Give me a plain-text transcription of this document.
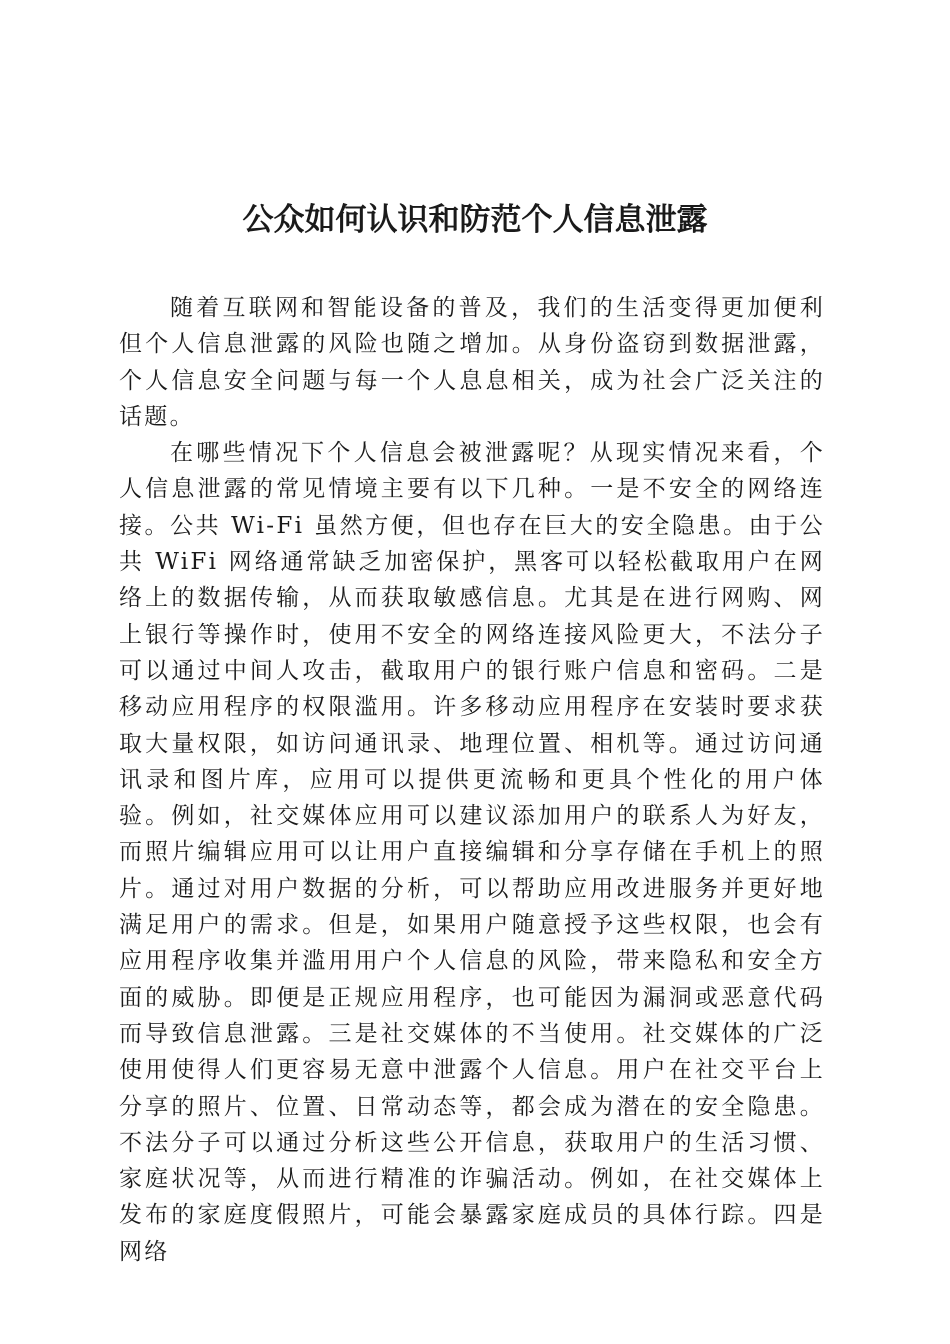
公众如何认识和防范个人信息泄露

随着互联网和智能设备的普及，我们的生活变得更加便利但个人信息泄露的风险也随之增加。从身份盗窃到数据泄露，个人信息安全问题与每一个人息息相关，成为社会广泛关注的话题。

在哪些情况下个人信息会被泄露呢？从现实情况来看，个人信息泄露的常见情境主要有以下几种。一是不安全的网络连接。公共 Wi-Fi 虽然方便，但也存在巨大的安全隐患。由于公共 WiFi 网络通常缺乏加密保护，黑客可以轻松截取用户在网络上的数据传输，从而获取敏感信息。尤其是在进行网购、网上银行等操作时，使用不安全的网络连接风险更大，不法分子可以通过中间人攻击，截取用户的银行账户信息和密码。二是移动应用程序的权限滥用。许多移动应用程序在安装时要求获取大量权限，如访问通讯录、地理位置、相机等。通过访问通讯录和图片库，应用可以提供更流畅和更具个性化的用户体验。例如，社交媒体应用可以建议添加用户的联系人为好友，而照片编辑应用可以让用户直接编辑和分享存储在手机上的照片。通过对用户数据的分析，可以帮助应用改进服务并更好地满足用户的需求。但是，如果用户随意授予这些权限，也会有应用程序收集并滥用用户个人信息的风险，带来隐私和安全方面的威胁。即便是正规应用程序，也可能因为漏洞或恶意代码而导致信息泄露。三是社交媒体的不当使用。社交媒体的广泛使用使得人们更容易无意中泄露个人信息。用户在社交平台上分享的照片、位置、日常动态等，都会成为潜在的安全隐患。不法分子可以通过分析这些公开信息，获取用户的生活习惯、家庭状况等，从而进行精准的诈骗活动。例如，在社交媒体上发布的家庭度假照片，可能会暴露家庭成员的具体行踪。四是网络
